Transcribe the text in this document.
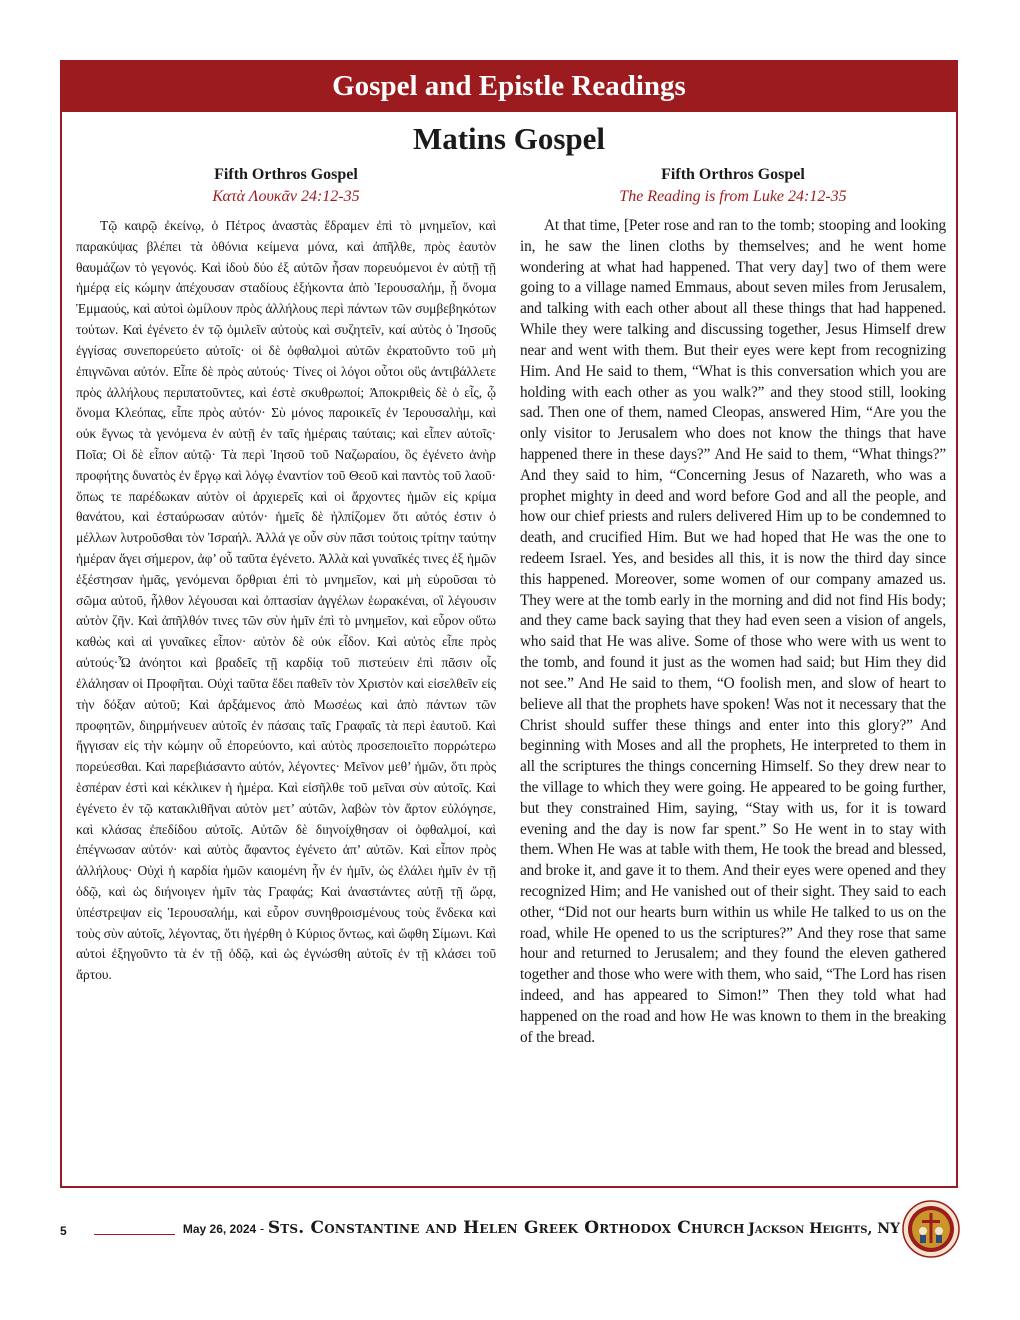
Gospel and Epistle Readings
Matins Gospel
Fifth Orthros Gospel
Κατὰ Λουκᾶν 24:12-35

Τῷ καιρῷ ἐκείνῳ, ὁ Πέτρος ἀναστὰς ἔδραμεν ἐπὶ τὸ μνημεῖον, καὶ παρακύψας βλέπει τὰ ὀθόνια κείμενα μόνα, καὶ ἀπῆλθε, πρὸς ἑαυτὸν θαυμάζων τὸ γεγονός. Καὶ ἰδοὺ δύο ἐξ αὐτῶν ἦσαν πορευόμενοι ἐν αὐτῇ τῇ ἡμέρᾳ εἰς κώμην ἀπέχουσαν σταδίους ἑξήκοντα ἀπὸ Ἱερουσαλήμ, ᾗ ὄνομα Ἐμμαούς, καὶ αὐτοὶ ὡμίλουν πρὸς ἀλλήλους περὶ πάντων τῶν συμβεβηκότων τούτων. Καὶ ἐγένετο ἐν τῷ ὁμιλεῖν αὐτοὺς καὶ συζητεῖν, καί αὐτὸς ὁ Ἰησοῦς ἐγγίσας συνεπορεύετο αὐτοῖς· οἱ δὲ ὀφθαλμοὶ αὐτῶν ἐκρατοῦντο τοῦ μὴ ἐπιγνῶναι αὐτόν. Εἶπε δὲ πρὸς αὐτούς· Τίνες οἱ λόγοι οὗτοι οὓς ἀντιβάλλετε πρὸς ἀλλήλους περιπατοῦντες, καὶ ἐστὲ σκυθρωποί; Ἀποκριθεὶς δὲ ὁ εἷς, ᾧ ὄνομα Κλεόπας, εἶπε πρὸς αὐτόν· Σὺ μόνος παροικεῖς ἐν Ἱερουσαλὴμ, καὶ οὐκ ἔγνως τὰ γενόμενα ἐν αὐτῇ ἐν ταῖς ἡμέραις ταύταις; καὶ εἶπεν αὐτοῖς· Ποῖα; Οἱ δὲ εἶπον αὐτῷ· Τὰ περὶ Ἰησοῦ τοῦ Ναζωραίου, ὃς ἐγένετο ἀνὴρ προφήτης δυνατὸς ἐν ἔργῳ καὶ λόγῳ ἐναντίον τοῦ Θεοῦ καὶ παντὸς τοῦ λαοῦ· ὅπως τε παρέδωκαν αὐτὸν οἱ ἀρχιερεῖς καὶ οἱ ἄρχοντες ἡμῶν εἰς κρίμα θανάτου, καὶ ἐσταύρωσαν αὐτόν· ἡμεῖς δὲ ἠλπίζομεν ὅτι αὐτός ἐστιν ὁ μέλλων λυτροῦσθαι τὸν Ἰσραήλ. Ἀλλά γε οὖν σὺν πᾶσι τούτοις τρίτην ταύτην ἡμέραν ἄγει σήμερον, ἀφ’ οὗ ταῦτα ἐγένετο. Ἀλλὰ καὶ γυναῖκές τινες ἐξ ἡμῶν ἐξέστησαν ἡμᾶς, γενόμεναι ὄρθριαι ἐπὶ τὸ μνημεῖον, καὶ μὴ εὑροῦσαι τὸ σῶμα αὐτοῦ, ἦλθον λέγουσαι καὶ ὀπτασίαν ἀγγέλων ἑωρακέναι, οἳ λέγουσιν αὐτὸν ζῆν. Καὶ ἀπῆλθόν τινες τῶν σὺν ἡμῖν ἐπὶ τὸ μνημεῖον, καὶ εὗρον οὕτω καθὼς καὶ αἱ γυναῖκες εἶπον· αὐτὸν δὲ οὐκ εἶδον. Καὶ αὐτὸς εἶπε πρὸς αὐτούς·Ὦ ἀνόητοι καὶ βραδεῖς τῇ καρδίᾳ τοῦ πιστεύειν ἐπὶ πᾶσιν οἷς ἐλάλησαν οἱ Προφῆται. Οὐχὶ ταῦτα ἔδει παθεῖν τὸν Χριστὸν καὶ εἰσελθεῖν εἰς τὴν δόξαν αὐτοῦ; Καὶ ἀρξάμενος ἀπὸ Μωσέως καὶ ἀπὸ πάντων τῶν προφητῶν, διηρμήνευεν αὐτοῖς ἐν πάσαις ταῖς Γραφαῖς τὰ περὶ ἑαυτοῦ. Καὶ ἤγγισαν εἰς τὴν κώμην οὗ ἐπορεύοντο, καὶ αὐτὸς προσεποιεῖτο πορρώτερω πορεύεσθαι. Καὶ παρεβιάσαντο αὐτόν, λέγοντες· Μεῖνον μεθ’ ἡμῶν, ὅτι πρὸς ἑσπέραν ἐστὶ καὶ κέκλικεν ἡ ἡμέρα. Καὶ εἰσῆλθε τοῦ μεῖναι σὺν αὐτοῖς. Καὶ ἐγένετο ἐν τῷ κατακλιθῆναι αὐτὸν μετ’ αὐτῶν, λαβὼν τὸν ἄρτον εὐλόγησε, καὶ κλάσας ἐπεδίδου αὐτοῖς. Αὐτῶν δὲ διηνοίχθησαν οἱ ὀφθαλμοί, καὶ ἐπέγνωσαν αὐτόν· καὶ αὐτὸς ἄφαντος ἐγένετο ἀπ’ αὐτῶν. Καὶ εἶπον πρὸς ἀλλήλους· Οὐχὶ ἡ καρδία ἡμῶν καιομένη ἦν ἐν ἡμῖν, ὡς ἐλάλει ἡμῖν ἐν τῇ ὁδῷ, καὶ ὡς διήνοιγεν ἡμῖν τὰς Γραφάς; Καὶ ἀναστάντες αὐτῇ τῇ ὥρᾳ, ὑπέστρεψαν εἰς Ἱερουσαλήμ, καὶ εὗρον συνηθροισμένους τοὺς ἕνδεκα καὶ τοὺς σὺν αὐτοῖς, λέγοντας, ὅτι ἠγέρθη ὁ Κύριος ὄντως, καὶ ὤφθη Σίμωνι. Καὶ αὐτοὶ ἐξηγοῦντο τὰ ἐν τῇ ὁδῷ, καὶ ὡς ἐγνώσθη αὐτοῖς ἐν τῇ κλάσει τοῦ ἄρτου.

Fifth Orthros Gospel
The Reading is from Luke 24:12-35

At that time, [Peter rose and ran to the tomb; stooping and looking in, he saw the linen cloths by themselves; and he went home wondering at what had happened. That very day] two of them were going to a village named Emmaus, about seven miles from Jerusalem, and talking with each other about all these things that had happened. While they were talking and discussing together, Jesus Himself drew near and went with them. But their eyes were kept from recognizing Him. And He said to them, “What is this conversation which you are holding with each other as you walk?” and they stood still, looking sad. Then one of them, named Cleopas, answered Him, “Are you the only visitor to Jerusalem who does not know the things that have happened there in these days?” And He said to them, “What things?” And they said to him, “Concerning Jesus of Nazareth, who was a prophet mighty in deed and word before God and all the people, and how our chief priests and rulers delivered Him up to be condemned to death, and crucified Him. But we had hoped that He was the one to redeem Israel. Yes, and besides all this, it is now the third day since this happened. Moreover, some women of our company amazed us. They were at the tomb early in the morning and did not find His body; and they came back saying that they had even seen a vision of angels, who said that He was alive. Some of those who were with us went to the tomb, and found it just as the women had said; but Him they did not see.” And He said to them, “O foolish men, and slow of heart to believe all that the prophets have spoken! Was not it necessary that the Christ should suffer these things and enter into this glory?” And beginning with Moses and all the prophets, He interpreted to them in all the scriptures the things concerning Himself. So they drew near to the village to which they were going. He appeared to be going further, but they constrained Him, saying, “Stay with us, for it is toward evening and the day is now far spent.” So He went in to stay with them. When He was at table with them, He took the bread and blessed, and broke it, and gave it to them. And their eyes were opened and they recognized Him; and He vanished out of their sight. They said to each other, “Did not our hearts burn within us while He talked to us on the road, while He opened to us the scriptures?” And they rose that same hour and returned to Jerusalem; and they found the eleven gathered together and those who were with them, who said, “The Lord has risen indeed, and has appeared to Simon!” Then they told what had happened on the road and how He was known to them in the breaking of the bread.

5	May 26, 2024 - Sts. Constantine and Helen Greek Orthodox Church Jackson Heights, NY
